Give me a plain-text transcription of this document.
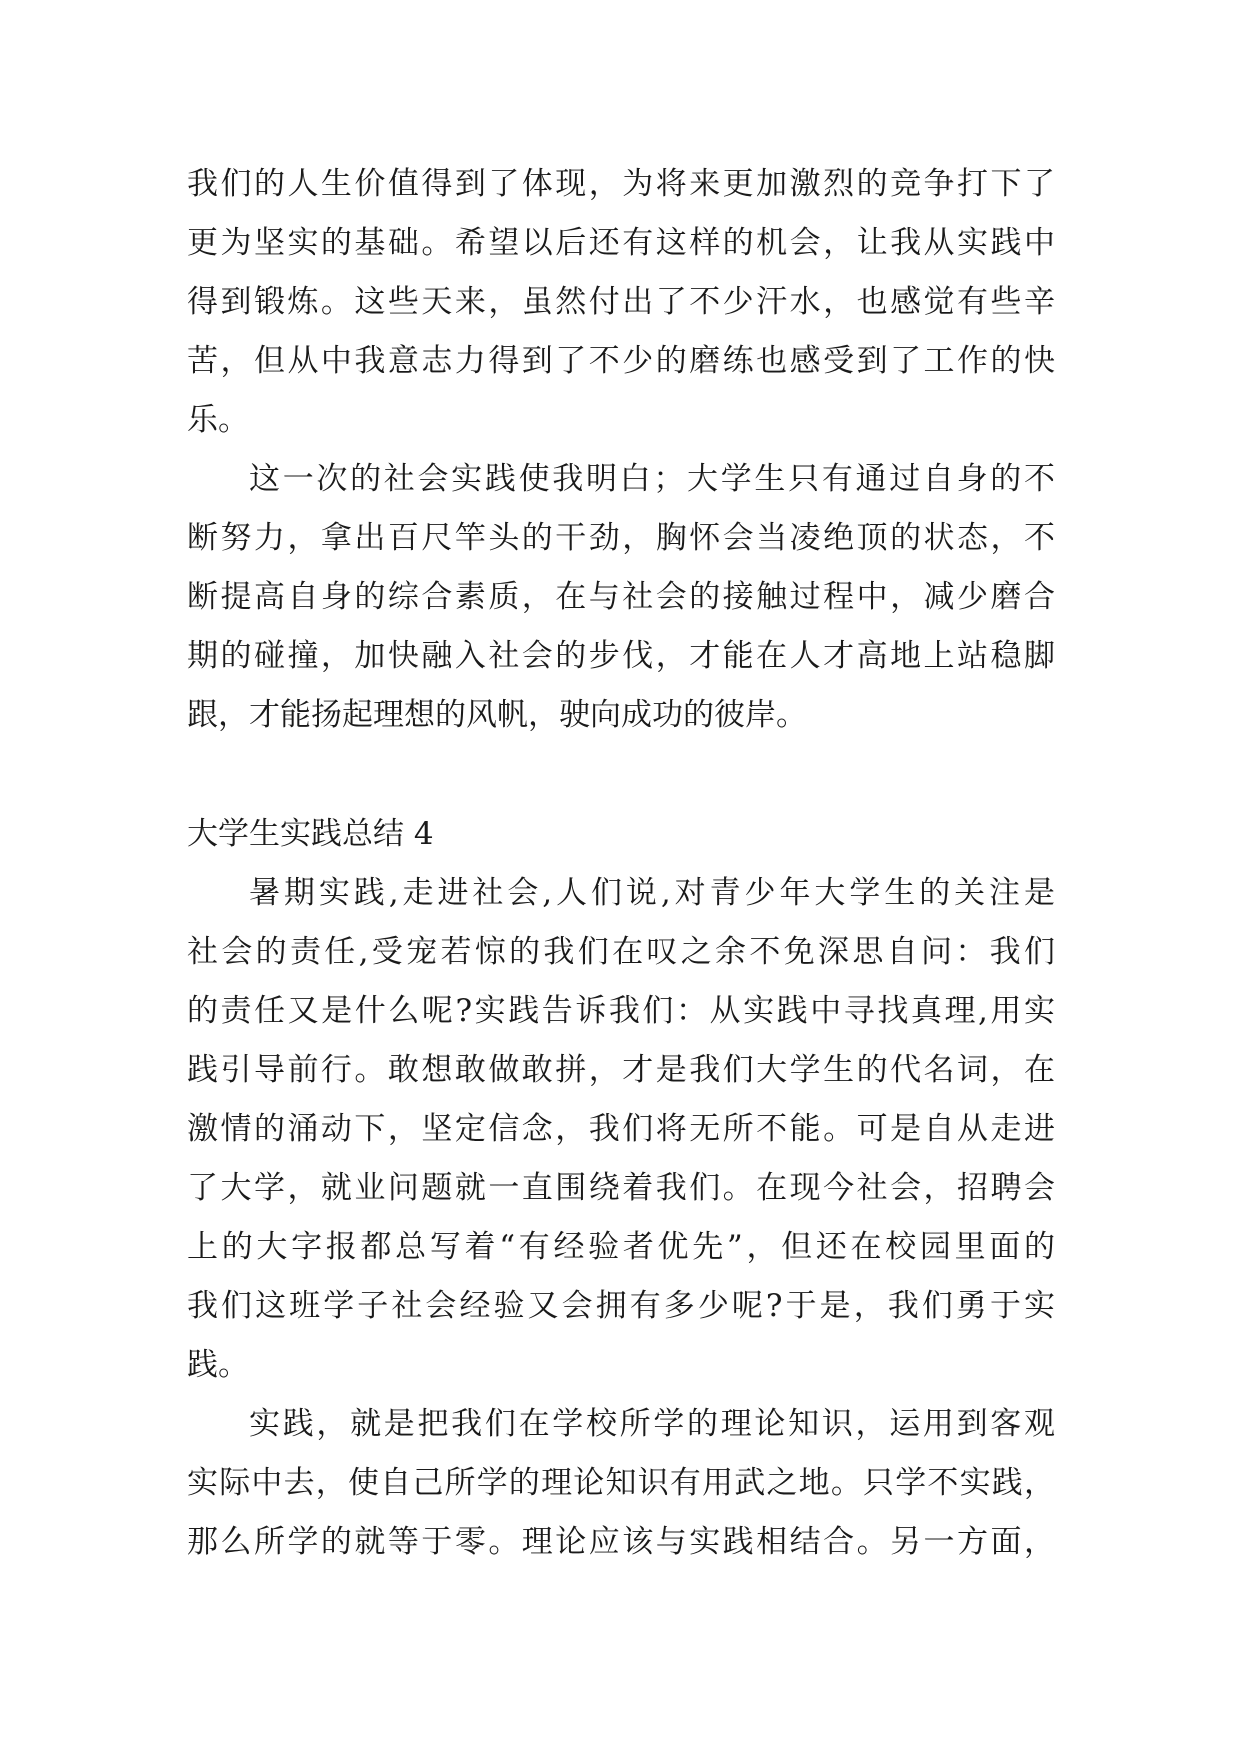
我们的人生价值得到了体现，为将来更加激烈的竞争打下了
更为坚实的基础。希望以后还有这样的机会，让我从实践中
得到锻炼。这些天来，虽然付出了不少汗水，也感觉有些辛
苦，但从中我意志力得到了不少的磨练也感受到了工作的快
乐。
这一次的社会实践使我明白；大学生只有通过自身的不
断努力，拿出百尺竿头的干劲，胸怀会当凌绝顶的状态，不
断提高自身的综合素质，在与社会的接触过程中，减少磨合
期的碰撞，加快融入社会的步伐，才能在人才高地上站稳脚
跟，才能扬起理想的风帆，驶向成功的彼岸。
大学生实践总结 4
暑期实践,走进社会,人们说,对青少年大学生的关注是
社会的责任,受宠若惊的我们在叹之余不免深思自问：我们
的责任又是什么呢?实践告诉我们：从实践中寻找真理,用实
践引导前行。敢想敢做敢拼，才是我们大学生的代名词，在
激情的涌动下，坚定信念，我们将无所不能。可是自从走进
了大学，就业问题就一直围绕着我们。在现今社会，招聘会
上的大字报都总写着“有经验者优先”，但还在校园里面的
我们这班学子社会经验又会拥有多少呢?于是，我们勇于实
践。
实践，就是把我们在学校所学的理论知识，运用到客观
实际中去，使自己所学的理论知识有用武之地。只学不实践，
那么所学的就等于零。理论应该与实践相结合。另一方面，
